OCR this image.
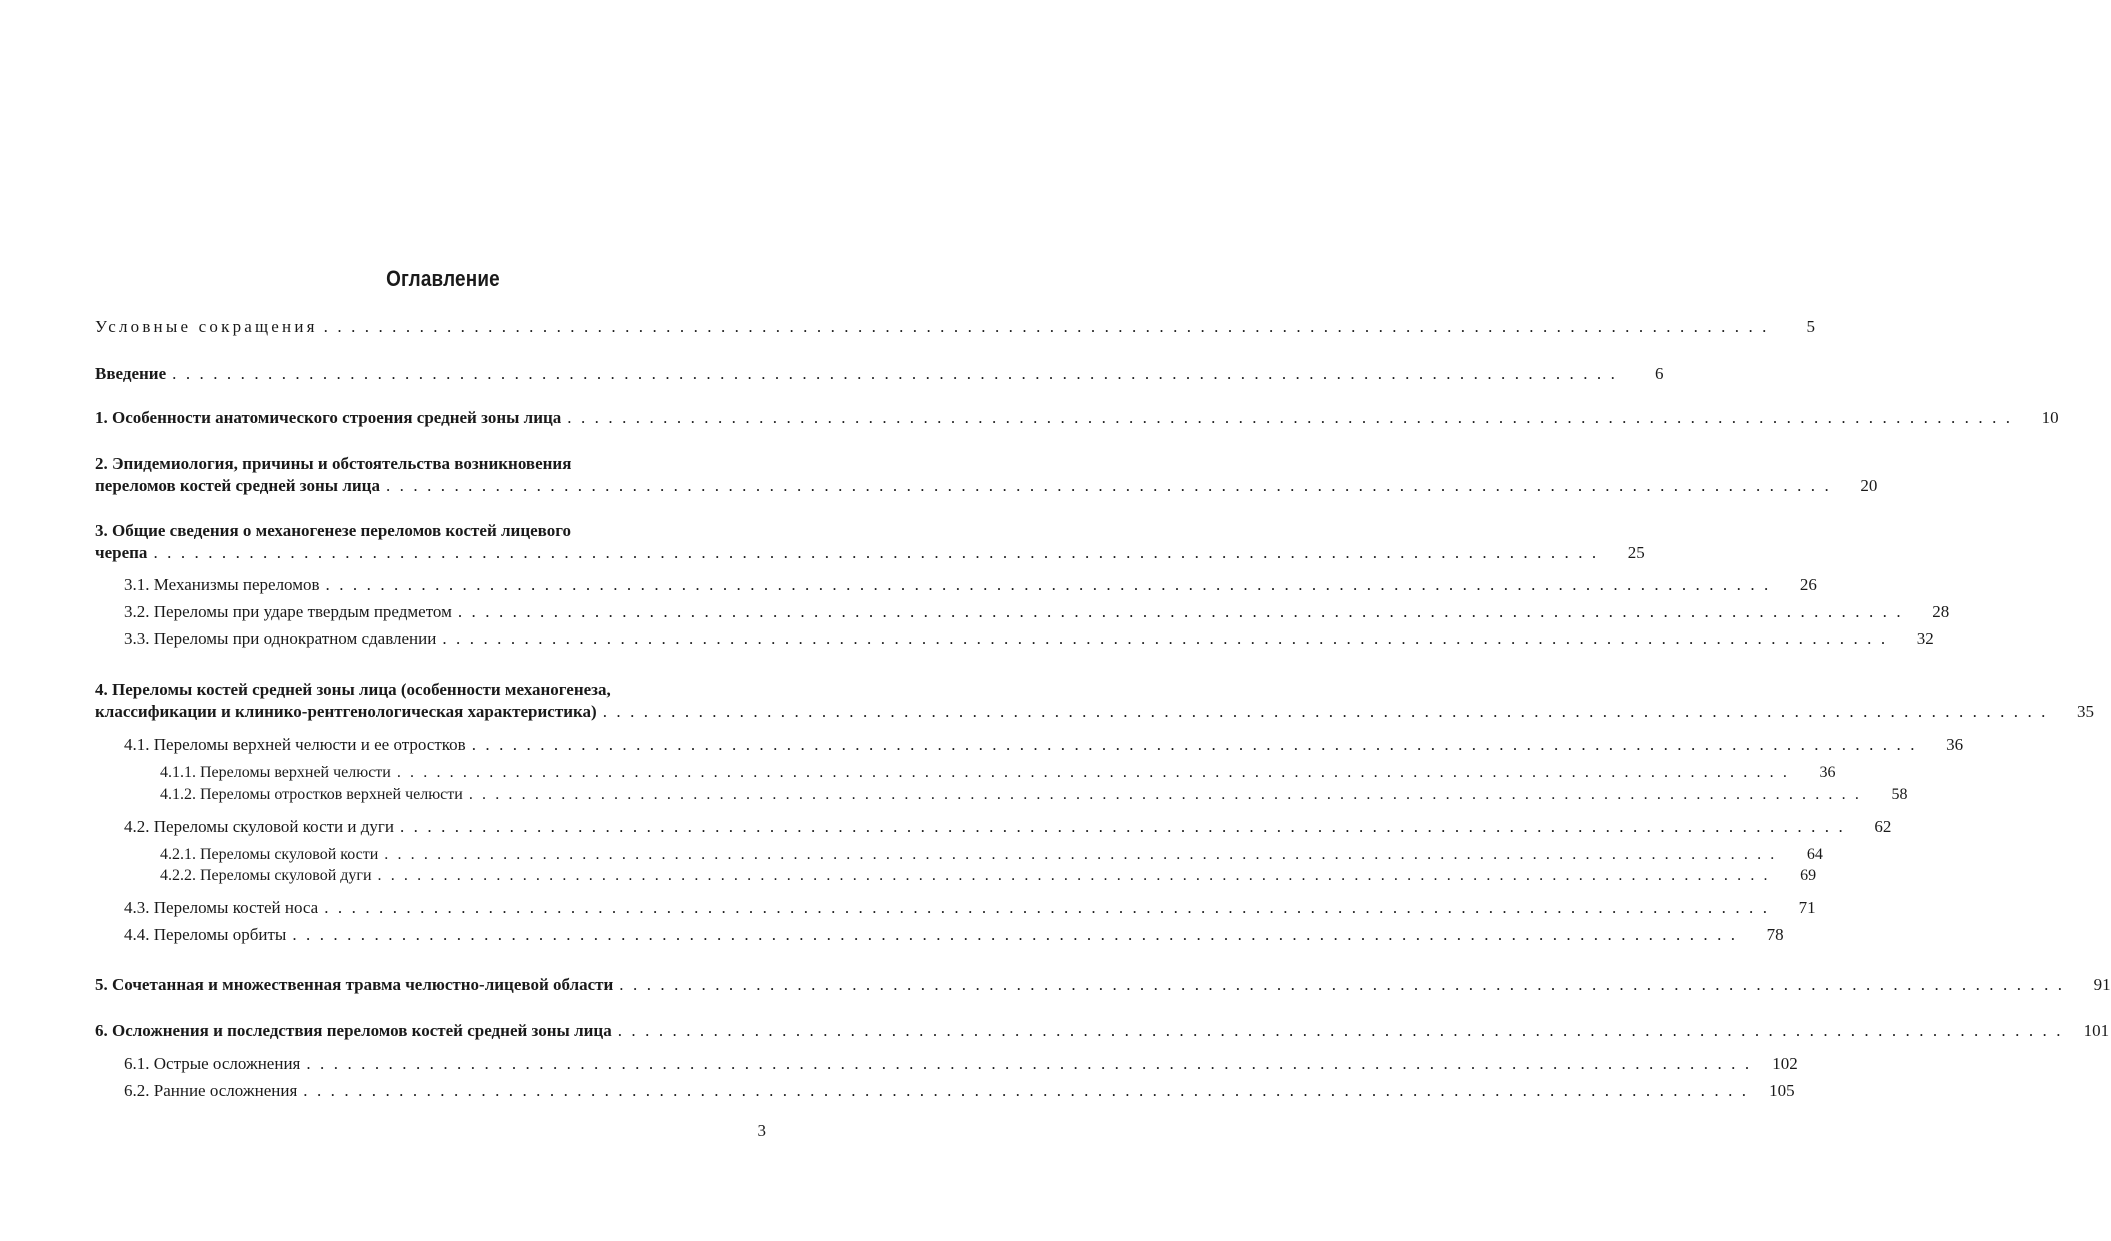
Оглавление
Условные сокращения . . . . . . . . . . . . . . . . . . . . . . . . . . . . . . . . . . . . . . . . . . . . . . . . . . . . . . . . . . . . . . . . . . . . . . . . . . . . . . . . . . . . . . . . . . . . . . . . . . . . . . . . . .	5
Введение . . . . . . . . . . . . . . . . . . . . . . . . . . . . . . . . . . . . . . . . . . . . . . . . . . . . . . . . . . . . . . . . . . . . . . . . . . . . . . . . . . . . . . . . . . . . . . . . . . . . . . . . . .	6
1. Особенности анатомического строения средней зоны лица . . . . . . . . . . . . . . . . . . . . . . . . . . . . . . . . . . . . . . . . . . . . . . . . . . . . . . . . . . . . . . . . . . . . . . . . . . . . . . . . . . . . . . . . . . . . . . . . . . . . . . . . . .	10
2. Эпидемиология, причины и обстоятельства возникновения
переломов костей средней зоны лица . . . . . . . . . . . . . . . . . . . . . . . . . . . . . . . . . . . . . . . . . . . . . . . . . . . . . . . . . . . . . . . . . . . . . . . . . . . . . . . . . . . . . . . . . . . . . . . . . . . . . . . . . .	20
3. Общие сведения о механогенезе переломов костей лицевого
черепа . . . . . . . . . . . . . . . . . . . . . . . . . . . . . . . . . . . . . . . . . . . . . . . . . . . . . . . . . . . . . . . . . . . . . . . . . . . . . . . . . . . . . . . . . . . . . . . . . . . . . . . . . .	25
3.1. Механизмы переломов . . . . . . . . . . . . . . . . . . . . . . . . . . . . . . . . . . . . . . . . . . . . . . . . . . . . . . . . . . . . . . . . . . . . . . . . . . . . . . . . . . . . . . . . . . . . . . . . . . . . . . . . . .	26
3.2. Переломы при ударе твердым предметом . . . . . . . . . . . . . . . . . . . . . . . . . . . . . . . . . . . . . . . . . . . . . . . . . . . . . . . . . . . . . . . . . . . . . . . . . . . . . . . . . . . . . . . . . . . . . . . . . . . . . . . . . .	28
3.3. Переломы при однократном сдавлении . . . . . . . . . . . . . . . . . . . . . . . . . . . . . . . . . . . . . . . . . . . . . . . . . . . . . . . . . . . . . . . . . . . . . . . . . . . . . . . . . . . . . . . . . . . . . . . . . . . . . . . . . .	32
4. Переломы костей средней зоны лица (особенности механогенеза,
классификации и клинико-рентгенологическая характеристика) . . . . . . . . . . . . . . . . . . . . . . . . . . . . . . . . . . . . . . . . . . . . . . . . . . . . . . . . . . . . . . . . . . . . . . . . . . . . . . . . . . . . . . . . . . . . . . . . . . . . . . . . . .	35
4.1. Переломы верхней челюсти и ее отростков . . . . . . . . . . . . . . . . . . . . . . . . . . . . . . . . . . . . . . . . . . . . . . . . . . . . . . . . . . . . . . . . . . . . . . . . . . . . . . . . . . . . . . . . . . . . . . . . . . . . . . . . . .	36
4.1.1. Переломы верхней челюсти . . . . . . . . . . . . . . . . . . . . . . . . . . . . . . . . . . . . . . . . . . . . . . . . . . . . . . . . . . . . . . . . . . . . . . . . . . . . . . . . . . . . . . . . . . . . . . . . . . . . . . . . . .	36
4.1.2. Переломы отростков верхней челюсти . . . . . . . . . . . . . . . . . . . . . . . . . . . . . . . . . . . . . . . . . . . . . . . . . . . . . . . . . . . . . . . . . . . . . . . . . . . . . . . . . . . . . . . . . . . . . . . . . . . . . . . . . .	58
4.2. Переломы скуловой кости и дуги . . . . . . . . . . . . . . . . . . . . . . . . . . . . . . . . . . . . . . . . . . . . . . . . . . . . . . . . . . . . . . . . . . . . . . . . . . . . . . . . . . . . . . . . . . . . . . . . . . . . . . . . . .	62
4.2.1. Переломы скуловой кости . . . . . . . . . . . . . . . . . . . . . . . . . . . . . . . . . . . . . . . . . . . . . . . . . . . . . . . . . . . . . . . . . . . . . . . . . . . . . . . . . . . . . . . . . . . . . . . . . . . . . . . . . .	64
4.2.2. Переломы скуловой дуги . . . . . . . . . . . . . . . . . . . . . . . . . . . . . . . . . . . . . . . . . . . . . . . . . . . . . . . . . . . . . . . . . . . . . . . . . . . . . . . . . . . . . . . . . . . . . . . . . . . . . . . . . .	69
4.3. Переломы костей носа . . . . . . . . . . . . . . . . . . . . . . . . . . . . . . . . . . . . . . . . . . . . . . . . . . . . . . . . . . . . . . . . . . . . . . . . . . . . . . . . . . . . . . . . . . . . . . . . . . . . . . . . . .	71
4.4. Переломы орбиты . . . . . . . . . . . . . . . . . . . . . . . . . . . . . . . . . . . . . . . . . . . . . . . . . . . . . . . . . . . . . . . . . . . . . . . . . . . . . . . . . . . . . . . . . . . . . . . . . . . . . . . . . .	78
5. Сочетанная и множественная травма челюстно-лицевой области . . . . . . . . . . . . . . . . . . . . . . . . . . . . . . . . . . . . . . . . . . . . . . . . . . . . . . . . . . . . . . . . . . . . . . . . . . . . . . . . . . . . . . . . . . . . . . . . . . . . . . . . . .	91
6. Осложнения и последствия переломов костей средней зоны лица . . . . . . . . . . . . . . . . . . . . . . . . . . . . . . . . . . . . . . . . . . . . . . . . . . . . . . . . . . . . . . . . . . . . . . . . . . . . . . . . . . . . . . . . . . . . . . . . . . . . . . . . . .	101
6.1. Острые осложнения . . . . . . . . . . . . . . . . . . . . . . . . . . . . . . . . . . . . . . . . . . . . . . . . . . . . . . . . . . . . . . . . . . . . . . . . . . . . . . . . . . . . . . . . . . . . . . . . . . . . . . . . . .	102
6.2. Ранние осложнения . . . . . . . . . . . . . . . . . . . . . . . . . . . . . . . . . . . . . . . . . . . . . . . . . . . . . . . . . . . . . . . . . . . . . . . . . . . . . . . . . . . . . . . . . . . . . . . . . . . . . . . . . .	105
3
